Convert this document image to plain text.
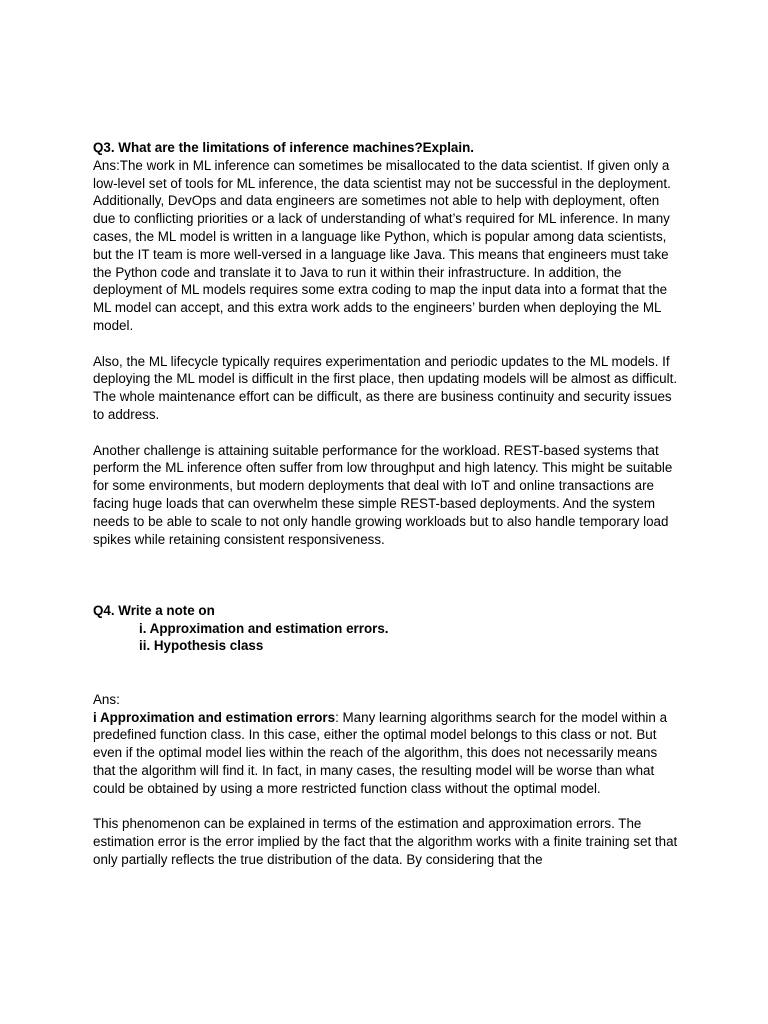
Q3. What are the limitations of inference machines?Explain.

Ans:The work in ML inference can sometimes be misallocated to the data scientist. If given only a low-level set of tools for ML inference, the data scientist may not be successful in the deployment.

Additionally, DevOps and data engineers are sometimes not able to help with deployment, often due to conflicting priorities or a lack of understanding of what’s required for ML inference. In many cases, the ML model is written in a language like Python, which is popular among data scientists, but the IT team is more well-versed in a language like Java. This means that engineers must take the Python code and translate it to Java to run it within their infrastructure. In addition, the deployment of ML models requires some extra coding to map the input data into a format that the ML model can accept, and this extra work adds to the engineers’ burden when deploying the ML model.

Also, the ML lifecycle typically requires experimentation and periodic updates to the ML models. If deploying the ML model is difficult in the first place, then updating models will be almost as difficult. The whole maintenance effort can be difficult, as there are business continuity and security issues to address.

Another challenge is attaining suitable performance for the workload. REST-based systems that perform the ML inference often suffer from low throughput and high latency. This might be suitable for some environments, but modern deployments that deal with IoT and online transactions are facing huge loads that can overwhelm these simple REST-based deployments. And the system needs to be able to scale to not only handle growing workloads but to also handle temporary load spikes while retaining consistent responsiveness.

Q4. Write a note on

i. Approximation and estimation errors.

ii. Hypothesis class

Ans:

i Approximation and estimation errors: Many learning algorithms search for the model within a predefined function class. In this case, either the optimal model belongs to this class or not. But even if the optimal model lies within the reach of the algorithm, this does not necessarily means that the algorithm will find it. In fact, in many cases, the resulting model will be worse than what could be obtained by using a more restricted function class without the optimal model.

This phenomenon can be explained in terms of the estimation and approximation errors. The estimation error is the error implied by the fact that the algorithm works with a finite training set that only partially reflects the true distribution of the data. By considering that the
